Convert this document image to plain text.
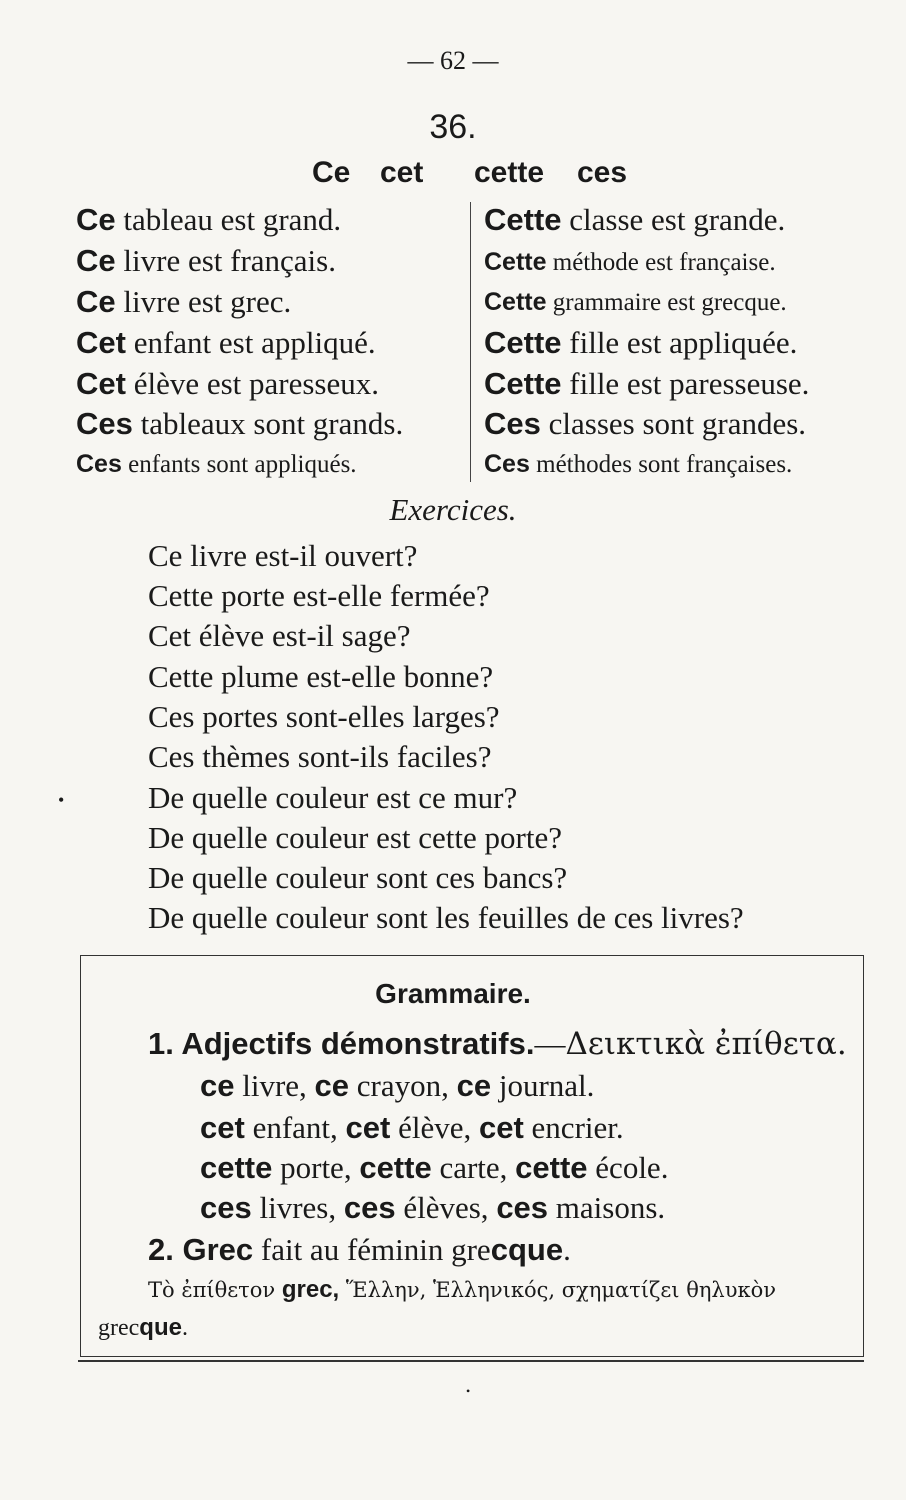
— 62 —
36.
Ce cet cette ces
Ce tableau est grand.
Ce livre est français.
Ce livre est grec.
Cet enfant est appliqué.
Cet élève est paresseux.
Ces tableaux sont grands.
Ces enfants sont appliqués.
Cette classe est grande.
Cette méthode est française.
Cette grammaire est grecque.
Cette fille est appliquée.
Cette fille est paresseuse.
Ces classes sont grandes.
Ces méthodes sont françaises.
Exercices.
Ce livre est-il ouvert?
Cette porte est-elle fermée?
Cet élève est-il sage?
Cette plume est-elle bonne?
Ces portes sont-elles larges?
Ces thèmes sont-ils faciles?
De quelle couleur est ce mur?
De quelle couleur est cette porte?
De quelle couleur sont ces bancs?
De quelle couleur sont les feuilles de ces livres?
•
Grammaire.
1. Adjectifs démonstratifs.—Δεικτικὰ ἐπίθετα.
ce livre, ce crayon, ce journal.
cet enfant, cet élève, cet encrier.
cette porte, cette carte, cette école.
ces livres, ces élèves, ces maisons.
2. Grec fait au féminin grecque.
Τὸ ἐπίθετον grec, Ἕλλην, Ἑλληνικός, σχηματίζει θηλυκὸν
grecque.
•
